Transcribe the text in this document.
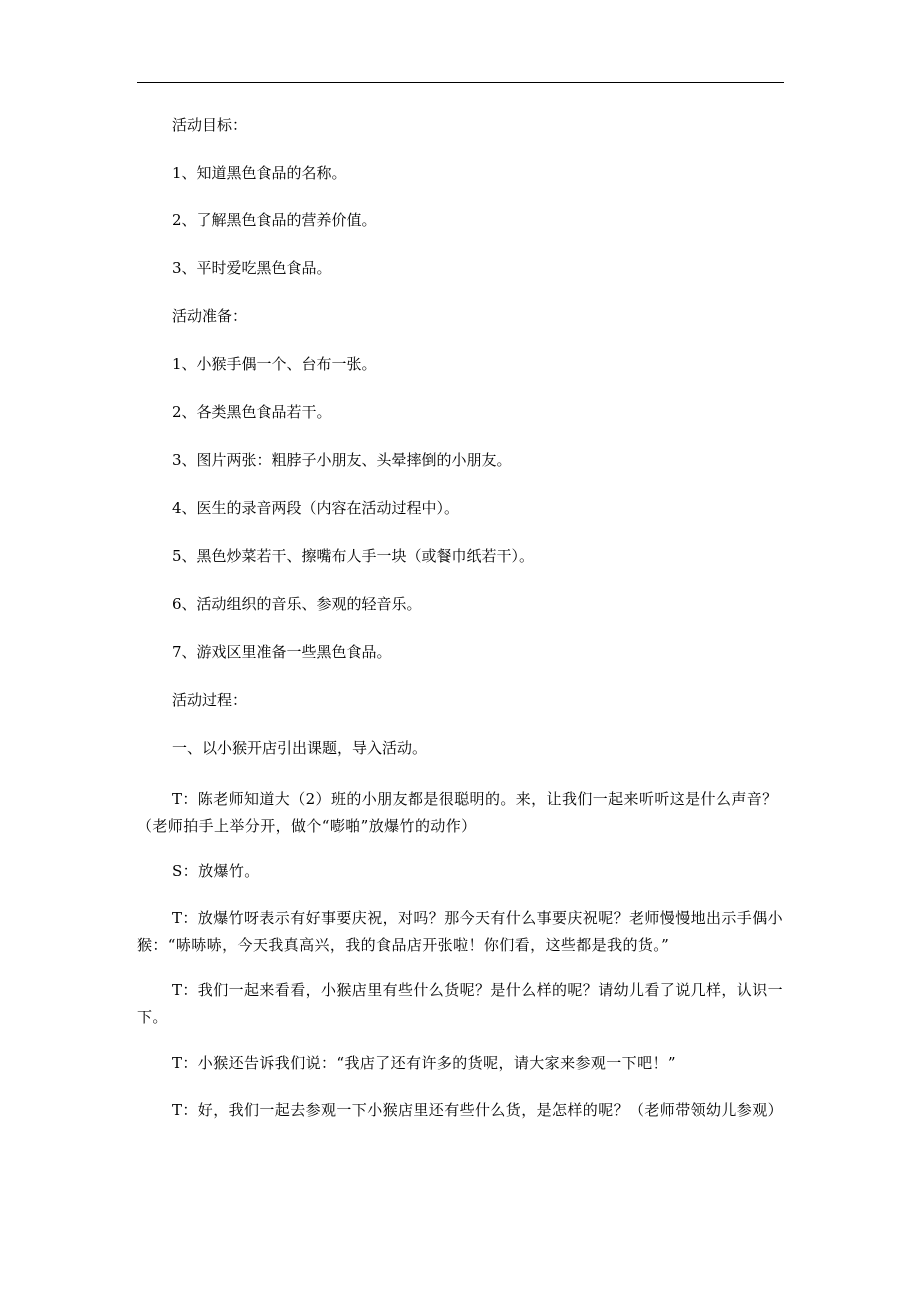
活动目标：
1、知道黑色食品的名称。
2、了解黑色食品的营养价值。
3、平时爱吃黑色食品。
活动准备：
1、小猴手偶一个、台布一张。
2、各类黑色食品若干。
3、图片两张：粗脖子小朋友、头晕摔倒的小朋友。
4、医生的录音两段（内容在活动过程中）。
5、黑色炒菜若干、擦嘴布人手一块（或餐巾纸若干）。
6、活动组织的音乐、参观的轻音乐。
7、游戏区里准备一些黑色食品。
活动过程：
一、以小猴开店引出课题，导入活动。
T：陈老师知道大（2）班的小朋友都是很聪明的。来，让我们一起来听听这是什么声音？（老师拍手上举分开，做个“嘭啪”放爆竹的动作）
S：放爆竹。
T：放爆竹呀表示有好事要庆祝，对吗？那今天有什么事要庆祝呢？老师慢慢地出示手偶小猴：“哧哧哧，今天我真高兴，我的食品店开张啦！你们看，这些都是我的货。”
T：我们一起来看看，小猴店里有些什么货呢？是什么样的呢？请幼儿看了说几样，认识一下。
T：小猴还告诉我们说：“我店了还有许多的货呢，请大家来参观一下吧！”
T：好，我们一起去参观一下小猴店里还有些什么货，是怎样的呢？（老师带领幼儿参观）
